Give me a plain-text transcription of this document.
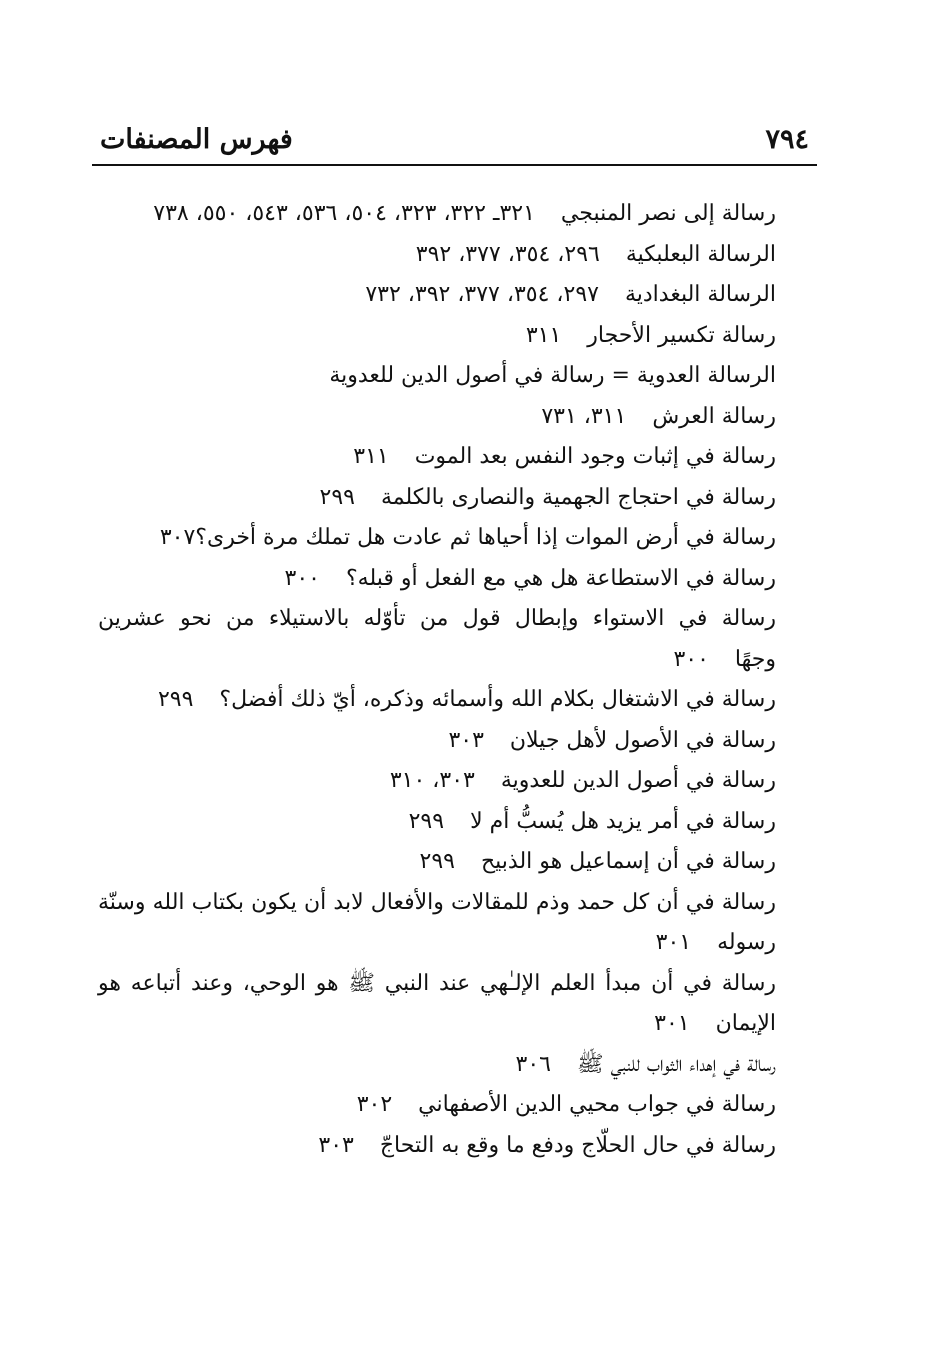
٧٩٤
فهرس المصنفات
رسالة إلى نصر المنبجي٣٢١ـ ٣٢٢، ٣٢٣، ٥٠٤، ٥٣٦، ٥٤٣، ٥٥٠، ٧٣٨
الرسالة البعلبكية٢٩٦، ٣٥٤، ٣٧٧، ٣٩٢
الرسالة البغدادية٢٩٧، ٣٥٤، ٣٧٧، ٣٩٢، ٧٣٢
رسالة تكسير الأحجار٣١١
الرسالة العدوية = رسالة في أصول الدين للعدوية
رسالة العرش٣١١، ٧٣١
رسالة في إثبات وجود النفس بعد الموت٣١١
رسالة في احتجاج الجهمية والنصارى بالكلمة٢٩٩
رسالة في أرض الموات إذا أحياها ثم عادت هل تملك مرة أخرى؟٣٠٧
رسالة في الاستطاعة هل هي مع الفعل أو قبله؟٣٠٠
رسالة في الاستواء وإبطال قول من تأوّله بالاستيلاء من نحو عشرين وجهًا٣٠٠
رسالة في الاشتغال بكلام الله وأسمائه وذكره، أيّ ذلك أفضل؟٢٩٩
رسالة في الأصول لأهل جيلان٣٠٣
رسالة في أصول الدين للعدوية٣٠٣، ٣١٠
رسالة في أمر يزيد هل يُسبُّ أم لا٢٩٩
رسالة في أن إسماعيل هو الذبيح٢٩٩
رسالة في أن كل حمد وذم للمقالات والأفعال لابد أن يكون بكتاب الله وسنّة رسوله٣٠١
رسالة في أن مبدأ العلم الإلـٰهي عند النبي ﷺ هو الوحي، وعند أتباعه هو الإيمان٣٠١
رسالة في إهداء الثواب للنبي ﷺ٣٠٦
رسالة في جواب محيي الدين الأصفهاني٣٠٢
رسالة في حال الحلّاج ودفع ما وقع به التحاجّ٣٠٣
